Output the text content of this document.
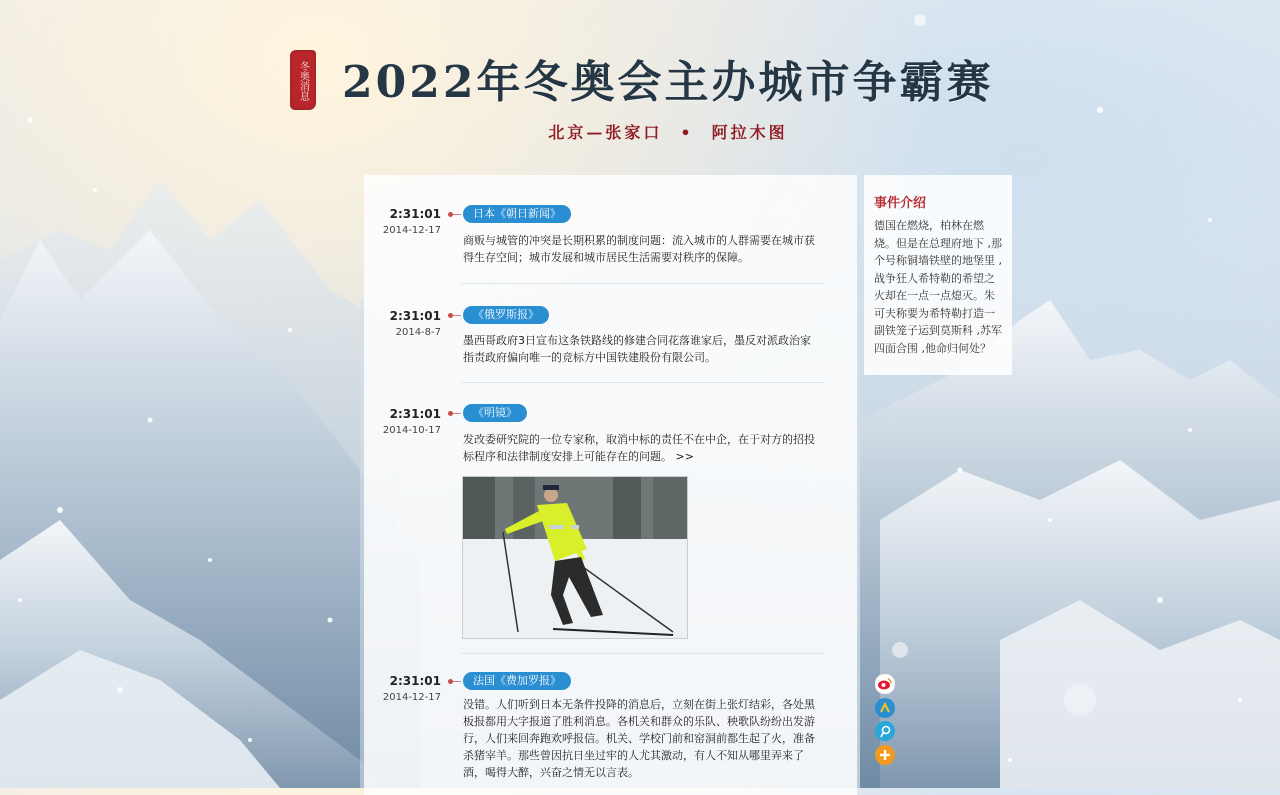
冬奥消息 2022年冬奥会主办城市争霸赛
北京—张家口 • 阿拉木图
2:31:01
2014-12-17
日本《朝日新闻》
商贩与城管的冲突是长期积累的制度问题：流入城市的人群需要在城市获得生存空间；城市发展和城市居民生活需要对秩序的保障。
2:31:01
2014-8-7
《俄罗斯报》
墨西哥政府3日宣布这条铁路线的修建合同花落谁家后，墨反对派政治家指责政府偏向唯一的竞标方中国铁建股份有限公司。
2:31:01
2014-10-17
《明镜》
发改委研究院的一位专家称，取消中标的责任不在中企，在于对方的招投标程序和法律制度安排上可能存在的问题。 >>
2:31:01
2014-12-17
法国《费加罗报》
没错。人们听到日本无条件投降的消息后，立刻在街上张灯结彩，各处黑板报都用大字报道了胜利消息。各机关和群众的乐队、秧歌队纷纷出发游行，人们来回奔跑欢呼报信。机关、学校门前和窑洞前都生起了火，准备杀猪宰羊。那些曾因抗日坐过牢的人尤其激动，有人不知从哪里弄来了酒，喝得大醉，兴奋之情无以言表。
事件介绍

德国在燃烧，柏林在燃烧。但是在总理府地下 ,那个号称铜墙铁壁的地堡里 ,战争狂人希特勒的希望之火却在一点一点熄灭。朱可夫称要为希特勒打造一副铁笼子运到莫斯科 ,苏军四面合围 ,他命归何处？
